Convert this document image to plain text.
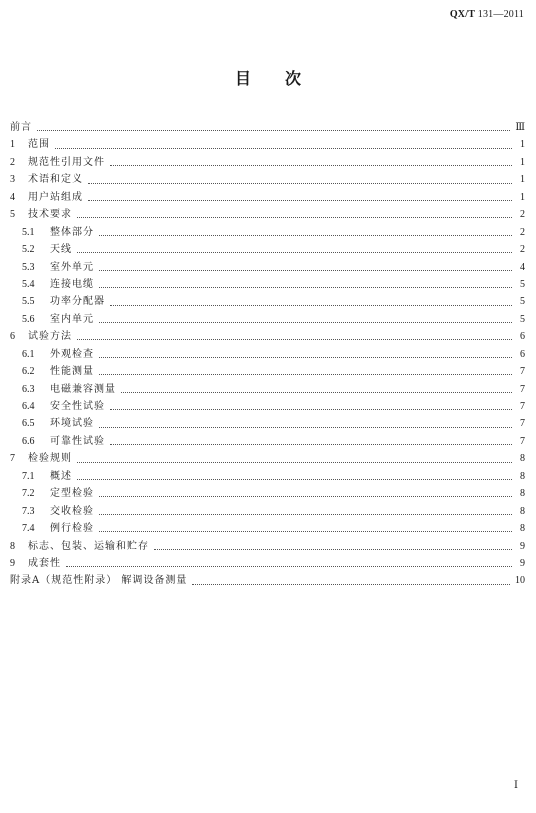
QX/T 131—2011
目次
前言	Ⅲ
1	范围	1
2	规范性引用文件	1
3	术语和定义	1
4	用户站组成	1
5	技术要求	2
5.1	整体部分	2
5.2	天线	2
5.3	室外单元	4
5.4	连接电缆	5
5.5	功率分配器	5
5.6	室内单元	5
6	试验方法	6
6.1	外观检查	6
6.2	性能测量	7
6.3	电磁兼容测量	7
6.4	安全性试验	7
6.5	环境试验	7
6.6	可靠性试验	7
7	检验规则	8
7.1	概述	8
7.2	定型检验	8
7.3	交收检验	8
7.4	例行检验	8
8	标志、包装、运输和贮存	9
9	成套性	9
附录A（规范性附录） 解调设备测量	10
Ⅰ
